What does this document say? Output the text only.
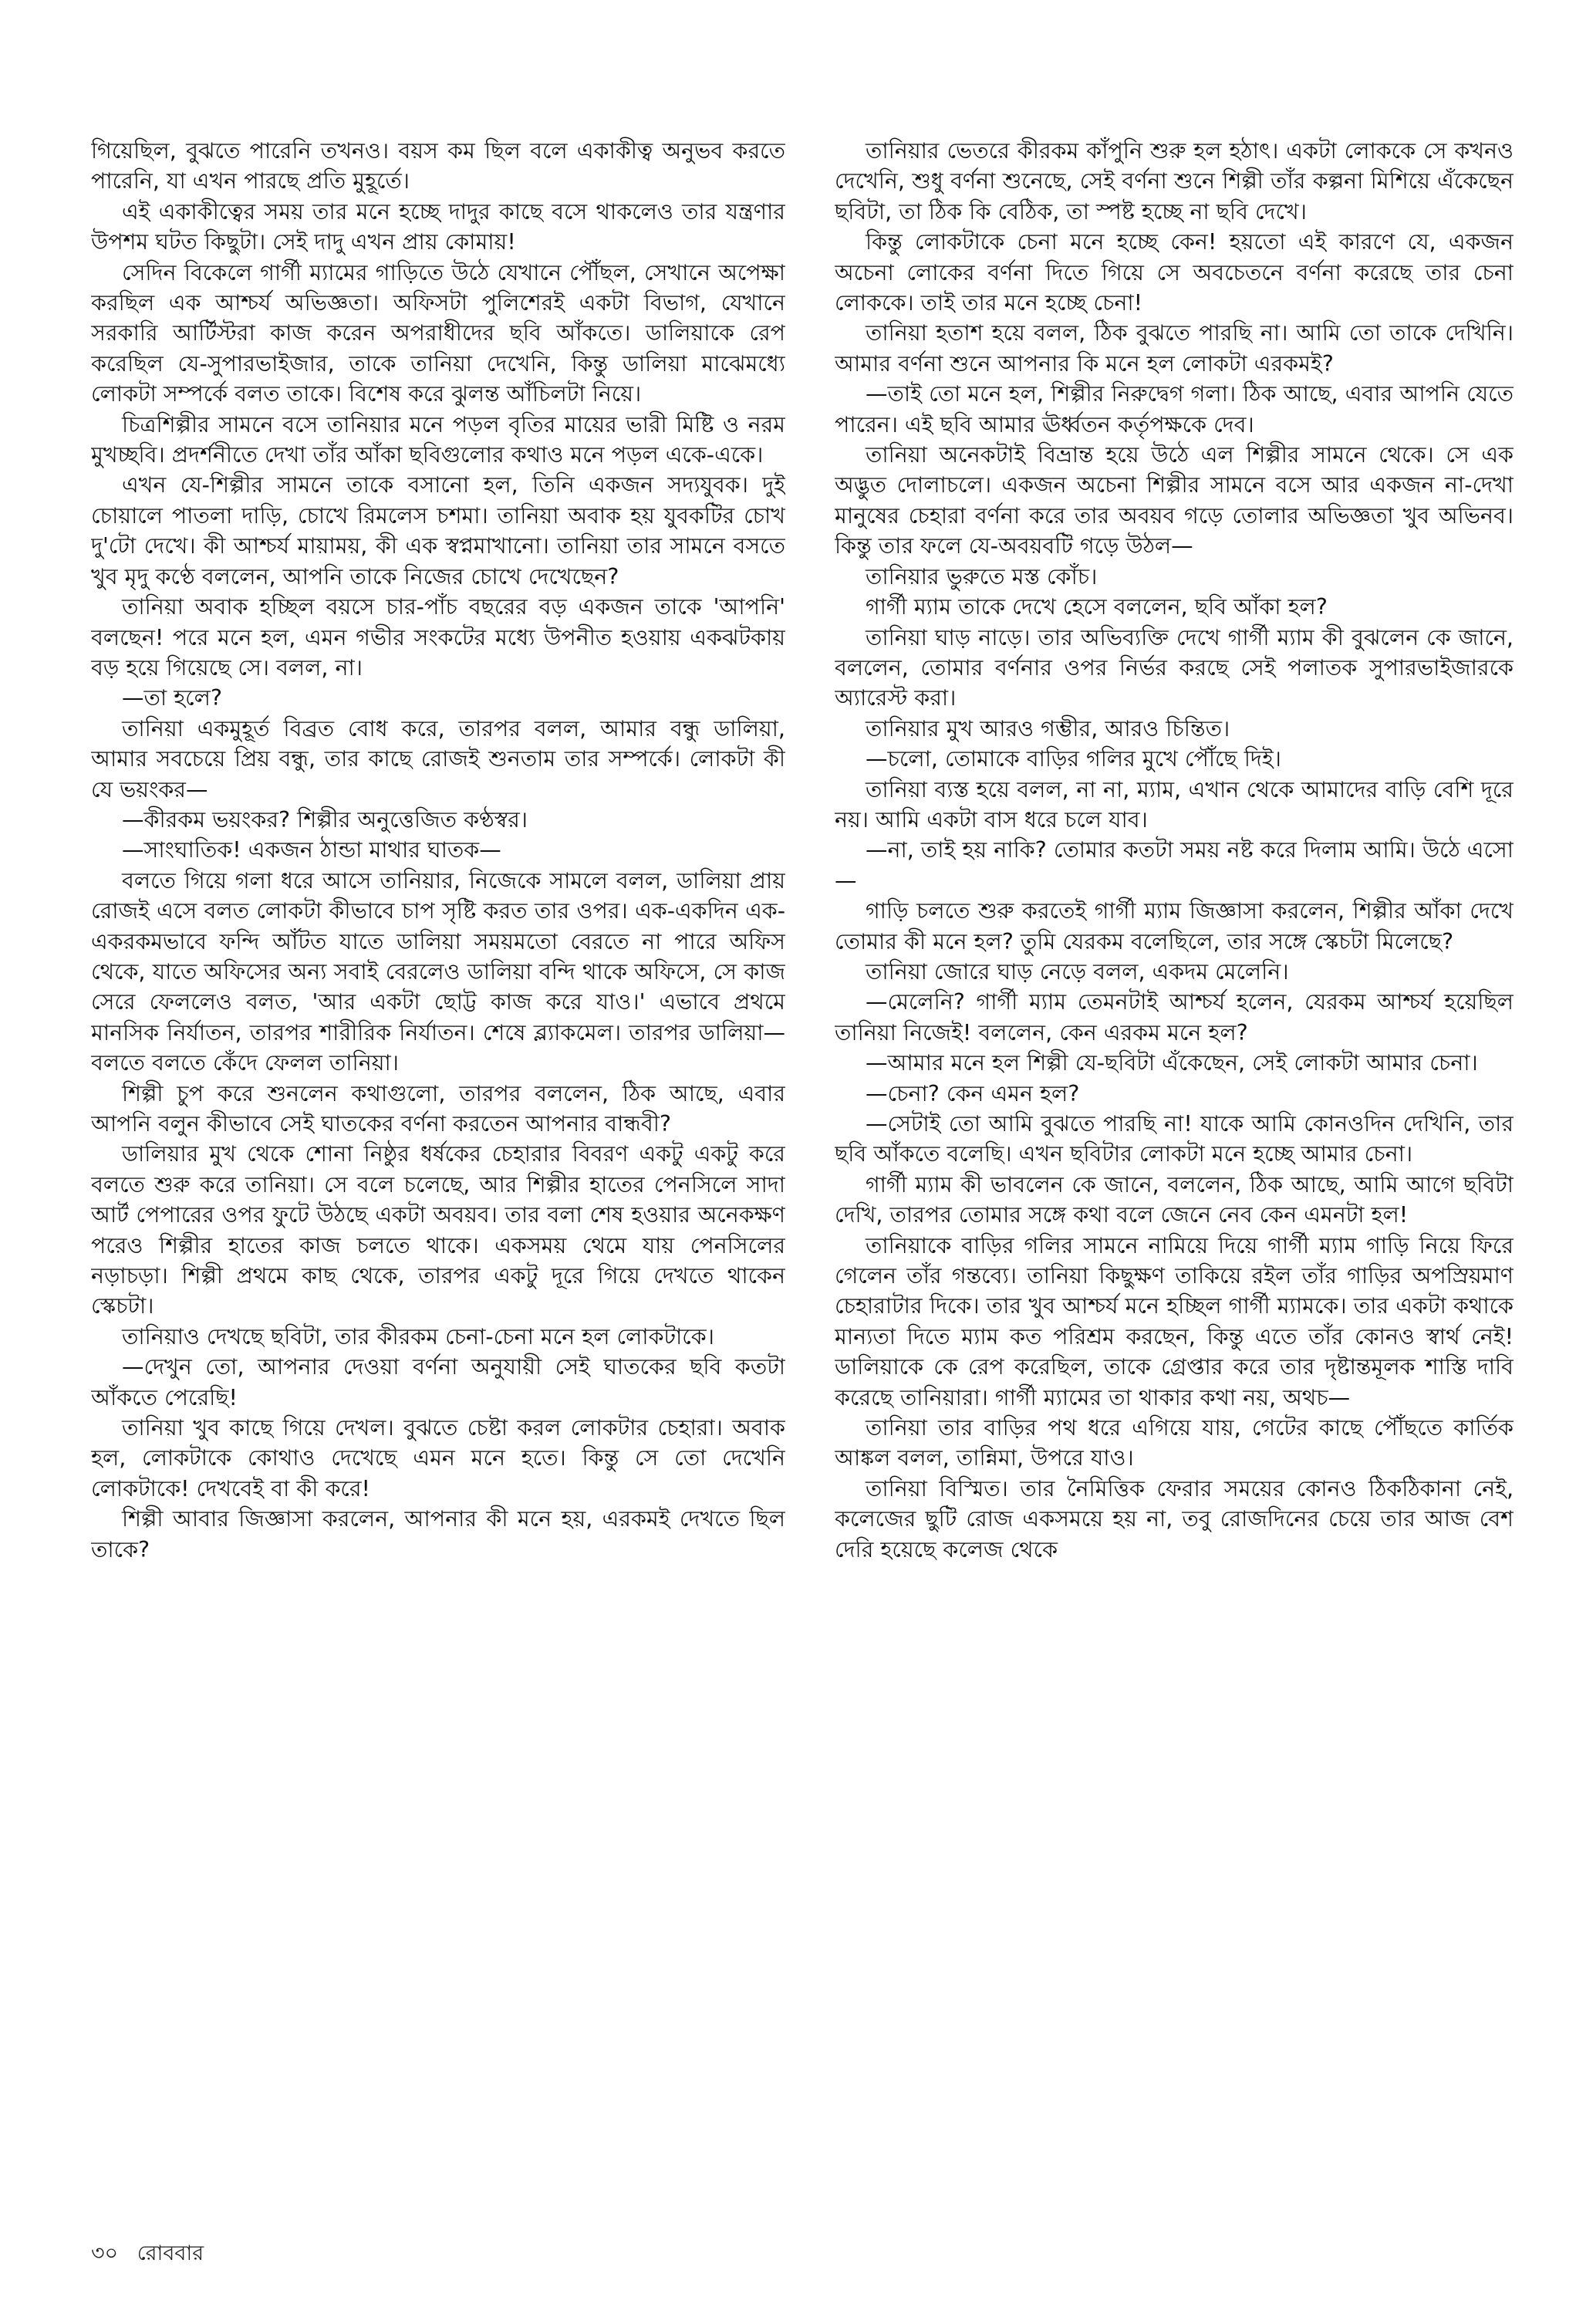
গিয়েছিল, বুঝতে পারেনি তখনও। বয়স কম ছিল বলে একাকীত্ব অনুভব করতে পারেনি, যা এখন পারছে প্রতি মুহূর্তে।

এই একাকীত্বের সময় তার মনে হচ্ছে দাদুর কাছে বসে থাকলেও তার যন্ত্রণার উপশম ঘটত কিছুটা। সেই দাদু এখন প্রায় কোমায়!

সেদিন বিকেলে গার্গী ম্যামের গাড়িতে উঠে যেখানে পৌঁছল, সেখানে অপেক্ষা করছিল এক আশ্চর্য অভিজ্ঞতা। অফিসটা পুলিশেরই একটা বিভাগ, যেখানে সরকারি আর্টিস্টরা কাজ করেন অপরাধীদের ছবি আঁকতে। ডালিয়াকে রেপ করেছিল যে-সুপারভাইজার, তাকে তানিয়া দেখেনি, কিন্তু ডালিয়া মাঝেমধ্যে লোকটা সম্পর্কে বলত তাকে। বিশেষ করে ঝুলন্ত আঁচিলটা নিয়ে।

চিত্রশিল্পীর সামনে বসে তানিয়ার মনে পড়ল বৃতির মায়ের ভারী মিষ্টি ও নরম মুখচ্ছবি। প্রদর্শনীতে দেখা তাঁর আঁকা ছবিগুলোর কথাও মনে পড়ল একে-একে।

এখন যে-শিল্পীর সামনে তাকে বসানো হল, তিনি একজন সদ্যযুবক। দুই চোয়ালে পাতলা দাড়ি, চোখে রিমলেস চশমা। তানিয়া অবাক হয় যুবকটির চোখ দু'টো দেখে। কী আশ্চর্য মায়াময়, কী এক স্বপ্নমাখানো। তানিয়া তার সামনে বসতে খুব মৃদু কণ্ঠে বললেন, আপনি তাকে নিজের চোখে দেখেছেন?

তানিয়া অবাক হচ্ছিল বয়সে চার-পাঁচ বছরের বড় একজন তাকে 'আপনি' বলছেন! পরে মনে হল, এমন গভীর সংকটের মধ্যে উপনীত হওয়ায় একঝটকায় বড় হয়ে গিয়েছে সে। বলল, না।

—তা হলে?

তানিয়া একমুহূর্ত বিব্রত বোধ করে, তারপর বলল, আমার বন্ধু ডালিয়া, আমার সবচেয়ে প্রিয় বন্ধু, তার কাছে রোজই শুনতাম তার সম্পর্কে। লোকটা কী যে ভয়ংকর—

—কীরকম ভয়ংকর? শিল্পীর অনুত্তেজিত কণ্ঠস্বর।

—সাংঘাতিক! একজন ঠান্ডা মাথার ঘাতক—

বলতে গিয়ে গলা ধরে আসে তানিয়ার, নিজেকে সামলে বলল, ডালিয়া প্রায় রোজই এসে বলত লোকটা কীভাবে চাপ সৃষ্টি করত তার ওপর। এক-একদিন এক-একরকমভাবে ফন্দি আঁটত যাতে ডালিয়া সময়মতো বেরতে না পারে অফিস থেকে, যাতে অফিসের অন্য সবাই বেরলেও ডালিয়া বন্দি থাকে অফিসে, সে কাজ সেরে ফেললেও বলত, 'আর একটা ছোট্ট কাজ করে যাও।' এভাবে প্রথমে মানসিক নির্যাতন, তারপর শারীরিক নির্যাতন। শেষে ব্ল্যাকমেল। তারপর ডালিয়া—বলতে বলতে কেঁদে ফেলল তানিয়া।

শিল্পী চুপ করে শুনলেন কথাগুলো, তারপর বললেন, ঠিক আছে, এবার আপনি বলুন কীভাবে সেই ঘাতকের বর্ণনা করতেন আপনার বান্ধবী?

ডালিয়ার মুখ থেকে শোনা নিষ্ঠুর ধর্ষকের চেহারার বিবরণ একটু একটু করে বলতে শুরু করে তানিয়া। সে বলে চলেছে, আর শিল্পীর হাতের পেনসিলে সাদা আর্ট পেপারের ওপর ফুটে উঠছে একটা অবয়ব। তার বলা শেষ হওয়ার অনেকক্ষণ পরেও শিল্পীর হাতের কাজ চলতে থাকে। একসময় থেমে যায় পেনসিলের নড়াচড়া। শিল্পী প্রথমে কাছ থেকে, তারপর একটু দূরে গিয়ে দেখতে থাকেন স্কেচটা।

তানিয়াও দেখছে ছবিটা, তার কীরকম চেনা-চেনা মনে হল লোকটাকে।

—দেখুন তো, আপনার দেওয়া বর্ণনা অনুযায়ী সেই ঘাতকের ছবি কতটা আঁকতে পেরেছি!

তানিয়া খুব কাছে গিয়ে দেখল। বুঝতে চেষ্টা করল লোকটার চেহারা। অবাক হল, লোকটাকে কোথাও দেখেছে এমন মনে হতে। কিন্তু সে তো দেখেনি লোকটাকে! দেখবেই বা কী করে!

শিল্পী আবার জিজ্ঞাসা করলেন, আপনার কী মনে হয়, এরকমই দেখতে ছিল তাকে?

তানিয়ার ভেতরে কীরকম কাঁপুনি শুরু হল হঠাৎ। একটা লোককে সে কখনও দেখেনি, শুধু বর্ণনা শুনেছে, সেই বর্ণনা শুনে শিল্পী তাঁর কল্পনা মিশিয়ে এঁকেছেন ছবিটা, তা ঠিক কি বেঠিক, তা স্পষ্ট হচ্ছে না ছবি দেখে।

কিন্তু লোকটাকে চেনা মনে হচ্ছে কেন! হয়তো এই কারণে যে, একজন অচেনা লোকের বর্ণনা দিতে গিয়ে সে অবচেতনে বর্ণনা করেছে তার চেনা লোককে। তাই তার মনে হচ্ছে চেনা!

তানিয়া হতাশ হয়ে বলল, ঠিক বুঝতে পারছি না। আমি তো তাকে দেখিনি। আমার বর্ণনা শুনে আপনার কি মনে হল লোকটা এরকমই?

—তাই তো মনে হল, শিল্পীর নিরুদ্বেগ গলা। ঠিক আছে, এবার আপনি যেতে পারেন। এই ছবি আমার ঊর্ধ্বতন কর্তৃপক্ষকে দেব।

তানিয়া অনেকটাই বিভ্রান্ত হয়ে উঠে এল শিল্পীর সামনে থেকে। সে এক অদ্ভুত দোলাচলে। একজন অচেনা শিল্পীর সামনে বসে আর একজন না-দেখা মানুষের চেহারা বর্ণনা করে তার অবয়ব গড়ে তোলার অভিজ্ঞতা খুব অভিনব। কিন্তু তার ফলে যে-অবয়বটি গড়ে উঠল—

তানিয়ার ভুরুতে মস্ত কোঁচ।

গার্গী ম্যাম তাকে দেখে হেসে বললেন, ছবি আঁকা হল?

তানিয়া ঘাড় নাড়ে। তার অভিব্যক্তি দেখে গার্গী ম্যাম কী বুঝলেন কে জানে, বললেন, তোমার বর্ণনার ওপর নির্ভর করছে সেই পলাতক সুপারভাইজারকে অ্যারেস্ট করা।

তানিয়ার মুখ আরও গম্ভীর, আরও চিন্তিত।

—চলো, তোমাকে বাড়ির গলির মুখে পৌঁছে দিই।

তানিয়া ব্যস্ত হয়ে বলল, না না, ম্যাম, এখান থেকে আমাদের বাড়ি বেশি দূরে নয়। আমি একটা বাস ধরে চলে যাব।

—না, তাই হয় নাকি? তোমার কতটা সময় নষ্ট করে দিলাম আমি। উঠে এসো—

গাড়ি চলতে শুরু করতেই গার্গী ম্যাম জিজ্ঞাসা করলেন, শিল্পীর আঁকা দেখে তোমার কী মনে হল? তুমি যেরকম বলেছিলে, তার সঙ্গে স্কেচটা মিলেছে?

তানিয়া জোরে ঘাড় নেড়ে বলল, একদম মেলেনি।

—মেলেনি? গার্গী ম্যাম তেমনটাই আশ্চর্য হলেন, যেরকম আশ্চর্য হয়েছিল তানিয়া নিজেই! বললেন, কেন এরকম মনে হল?

—আমার মনে হল শিল্পী যে-ছবিটা এঁকেছেন, সেই লোকটা আমার চেনা।

—চেনা? কেন এমন হল?

—সেটাই তো আমি বুঝতে পারছি না! যাকে আমি কোনওদিন দেখিনি, তার ছবি আঁকতে বলেছি। এখন ছবিটার লোকটা মনে হচ্ছে আমার চেনা।

গার্গী ম্যাম কী ভাবলেন কে জানে, বললেন, ঠিক আছে, আমি আগে ছবিটা দেখি, তারপর তোমার সঙ্গে কথা বলে জেনে নেব কেন এমনটা হল!

তানিয়াকে বাড়ির গলির সামনে নামিয়ে দিয়ে গার্গী ম্যাম গাড়ি নিয়ে ফিরে গেলেন তাঁর গন্তব্যে। তানিয়া কিছুক্ষণ তাকিয়ে রইল তাঁর গাড়ির অপস্রিয়মাণ চেহারাটার দিকে। তার খুব আশ্চর্য মনে হচ্ছিল গার্গী ম্যামকে। তার একটা কথাকে মান্যতা দিতে ম্যাম কত পরিশ্রম করছেন, কিন্তু এতে তাঁর কোনও স্বার্থ নেই! ডালিয়াকে কে রেপ করেছিল, তাকে গ্রেপ্তার করে তার দৃষ্টান্তমূলক শাস্তি দাবি করেছে তানিয়ারা। গার্গী ম্যামের তা থাকার কথা নয়, অথচ—

তানিয়া তার বাড়ির পথ ধরে এগিয়ে যায়, গেটের কাছে পৌঁছতে কার্তিক আঙ্কল বলল, তান্নিমা, উপরে যাও।

তানিয়া বিস্মিত। তার নৈমিত্তিক ফেরার সময়ের কোনও ঠিকঠিকানা নেই, কলেজের ছুটি রোজ একসময়ে হয় না, তবু রোজদিনের চেয়ে তার আজ বেশ দেরি হয়েছে কলেজ থেকে

৩০ রোববার
